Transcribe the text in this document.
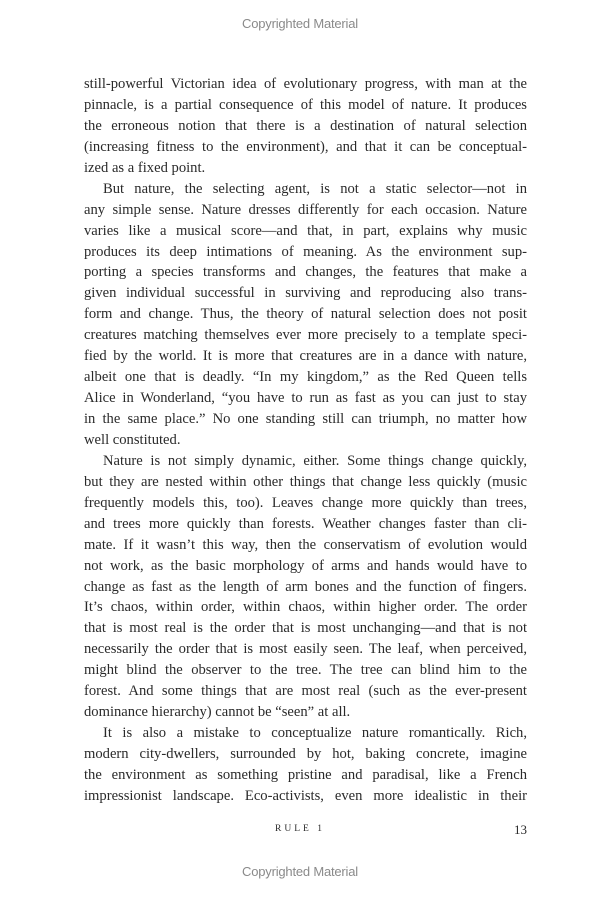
Copyrighted Material
still-powerful Victorian idea of evolutionary progress, with man at the
pinnacle, is a partial consequence of this model of nature. It produces
the erroneous notion that there is a destination of natural selection
(increasing fitness to the environment), and that it can be conceptual-
ized as a fixed point.
But nature, the selecting agent, is not a static selector—not in
any simple sense. Nature dresses differently for each occasion. Nature
varies like a musical score—and that, in part, explains why music
produces its deep intimations of meaning. As the environment sup-
porting a species transforms and changes, the features that make a
given individual successful in surviving and reproducing also trans-
form and change. Thus, the theory of natural selection does not posit
creatures matching themselves ever more precisely to a template speci-
fied by the world. It is more that creatures are in a dance with nature,
albeit one that is deadly. “In my kingdom,” as the Red Queen tells
Alice in Wonderland, “you have to run as fast as you can just to stay
in the same place.” No one standing still can triumph, no matter how
well constituted.
Nature is not simply dynamic, either. Some things change quickly,
but they are nested within other things that change less quickly (music
frequently models this, too). Leaves change more quickly than trees,
and trees more quickly than forests. Weather changes faster than cli-
mate. If it wasn’t this way, then the conservatism of evolution would
not work, as the basic morphology of arms and hands would have to
change as fast as the length of arm bones and the function of fingers.
It’s chaos, within order, within chaos, within higher order. The order
that is most real is the order that is most unchanging—and that is not
necessarily the order that is most easily seen. The leaf, when perceived,
might blind the observer to the tree. The tree can blind him to the
forest. And some things that are most real (such as the ever-present
dominance hierarchy) cannot be “seen” at all.
It is also a mistake to conceptualize nature romantically. Rich,
modern city-dwellers, surrounded by hot, baking concrete, imagine
the environment as something pristine and paradisal, like a French
impressionist landscape. Eco-activists, even more idealistic in their
RULE 1	13
Copyrighted Material
